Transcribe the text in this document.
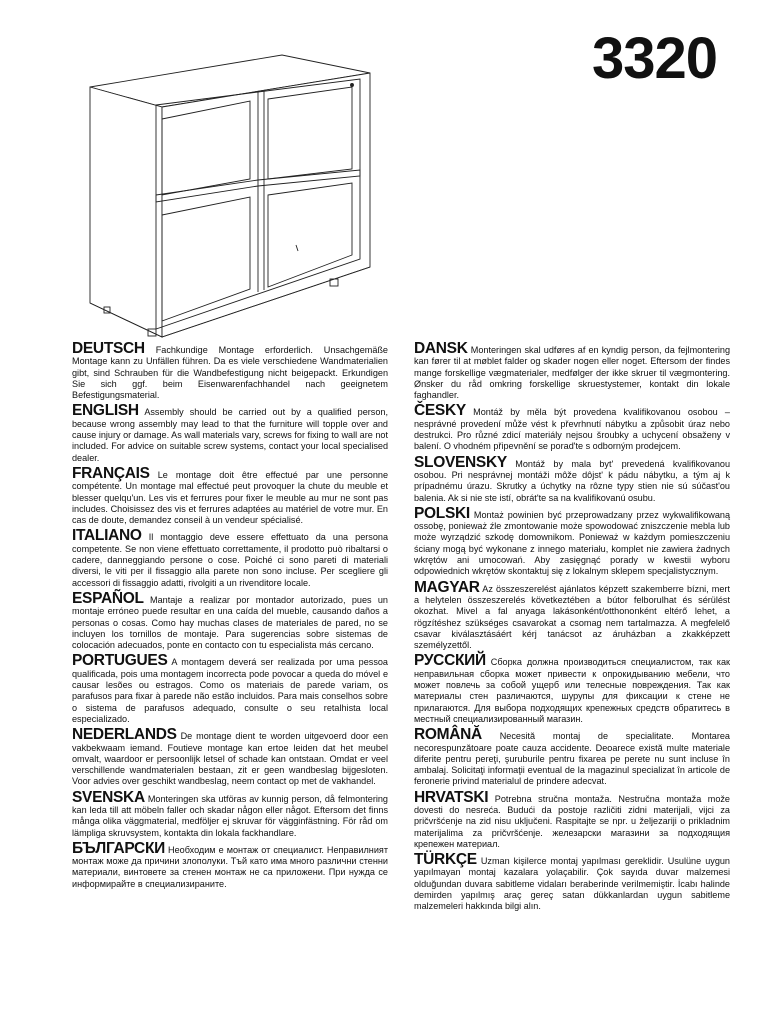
3320

DEUTSCH Fachkundige Montage erforderlich. Unsachgemäße Montage kann zu Unfällen führen. Da es viele verschiedene Wandmaterialien gibt, sind Schrauben für die Wandbefestigung nicht beigepackt. Erkundigen Sie sich ggf. beim Eisenwarenfachhandel nach geeignetem Befestigungsmaterial.

ENGLISH Assembly should be carried out by a qualified person, because wrong assembly may lead to that the furniture will topple over and cause injury or damage. As wall materials vary, screws for fixing to wall are not included. For advice on suitable screw systems, contact your local specialised dealer.

FRANÇAIS Le montage doit être effectué par une personne compétente. Un montage mal effectué peut provoquer la chute du meuble et blesser quelqu'un. Les vis et ferrures pour fixer le meuble au mur ne sont pas includes. Choisissez des vis et ferrures adaptées au matériel de votre mur. En cas de doute, demandez conseil à un vendeur spécialisé.

ITALIANO Il montaggio deve essere effettuato da una persona competente. Se non viene effettuato correttamente, il prodotto può ribaltarsi o cadere, danneggiando persone o cose. Poiché ci sono pareti di materiali diversi, le viti per il fissaggio alla parete non sono incluse. Per scegliere gli accessori di fissaggio adatti, rivolgiti a un rivenditore locale.

ESPAÑOL Mantaje a realizar por montador autorizado, pues un montaje erróneo puede resultar en una caída del mueble, causando daños a personas o cosas. Como hay muchas clases de materiales de pared, no se incluyen los tornillos de montaje. Para sugerencias sobre sistemas de colocación adecuados, ponte en contacto con tu especialista más cercano.

PORTUGUES A montagem deverá ser realizada por uma pessoa qualificada, pois uma montagem incorrecta pode povocar a queda do móvel e causar lesões ou estragos. Como os materiais de parede variam, os parafusos para fixar à parede não estão incluidos. Para mais conselhos sobre o sistema de parafusos adequado, consulte o seu retalhista local especializado.

NEDERLANDS De montage dient te worden uitgevoerd door een vakbekwaam iemand. Foutieve montage kan ertoe leiden dat het meubel omvalt, waardoor er persoonlijk letsel of schade kan ontstaan. Omdat er veel verschillende wandmaterialen bestaan, zit er geen wandbeslag bijgesloten. Voor advies over geschikt wandbeslag, neem contact op met de vakhandel.

SVENSKA Monteringen ska utföras av kunnig person, då felmontering kan leda till att möbeln faller och skadar någon eller något. Eftersom det finns många olika väggmaterial, medföljer ej skruvar för vägginfästning. För råd om lämpliga skruvsystem, kontakta din lokala fackhandlare.

БЪЛГАРСКИ Необходим е монтаж от специалист. Неправилният монтаж може да причини злополуки. Тъй като има много различни стенни материали, винтовете за стенен монтаж не са приложени. При нужда се информирайте в специализираните.

DANSK Monteringen skal udføres af en kyndig person, da fejlmontering kan fører til at møblet falder og skader nogen eller noget. Eftersom der findes mange forskellige vægmaterialer, medfølger der ikke skruer til vægmontering. Ønsker du råd omkring forskellige skruestystemer, kontakt din lokale faghandler.

ČESKY Montáž by měla být provedena kvalifikovanou osobou – nesprávné provedení může vést k převrhnutí nábytku a způsobit úraz nebo destrukci. Pro různé zdicí materiály nejsou šroubky a uchycení obsaženy v balení. O vhodném připevnění se porad'te s odborným prodejcem.

SLOVENSKY Montáž by mala byt' prevedená kvalifikovanou osobou. Pri nesprávnej montáži môže dôjst' k pádu nábytku, a tým aj k prípadnému úrazu. Skrutky a úchytky na rôzne typy stien nie sú súčast'ou balenia. Ak si nie ste istí, obrát'te sa na kvalifikovanú osubu.

POLSKI Montaż powinien być przeprowadzany przez wykwalifikowaną ossobę, ponieważ źle zmontowanie może spowodować zniszczenie mebla lub może wyrządzić szkodę domownikom. Ponieważ w każdym pomieszczeniu ściany mogą być wykonane z innego materiału, komplet nie zawiera żadnych wkrętów ani umocowań. Aby zasięgnąć porady w kwestii wyboru odpowiednich wkrętów skontaktuj się z lokalnym sklepem specjalistycznym.

MAGYAR Az összeszerelést ajánlatos képzett szakemberre bízni, mert a helytelen összeszerelés következtében a bútor felborulhat és sérülést okozhat. Mivel a fal anyaga lakásonként/otthononként eltérő lehet, a rögzítéshez szükséges csavarokat a csomag nem tartalmazza. A megfelelő csavar kiválasztásáért kérj tanácsot az áruházban a zkakképzett személyzettől.

РУССКИЙ Сборка должна производиться специалистом, так как неправильная сборка может привести к опрокидыванию мебели, что может повлечь за собой ущерб или телесные повреждения. Так как материалы стен различаются, шурупы для фиксации к стене не прилагаются. Для выбора подходящих крепежных средств обратитесь в местный специализированный магазин.

ROMÂNĂ Necesită montaj de specialitate. Montarea necorespunzătoare poate cauza accidente. Deoarece există multe materiale diferite pentru pereţi, şuruburile pentru fixarea pe perete nu sunt incluse în ambalaj. Solicitaţi informaţii eventual de la magazinul specializat în articole de feronerie privind materialul de prindere adecvat.

HRVATSKI Potrebna stručna montaža. Nestručna montaža može dovesti do nesreća. Budući da postoje različiti zidni materijali, vijci za pričvršćenje na zid nisu uključeni. Raspitajte se npr. u željezariji o prikladnim materijalima za pričvršćenje. железарски магазини за подходящия крепежен материал.

TÜRKÇE Uzman kişilerce montaj yapılması gereklidir. Usulüne uygun yapılmayan montaj kazalara yolaçabilir. Çok sayıda duvar malzemesi olduğundan duvara sabitleme vidaları beraberinde verilmemiştir. İcabı halinde demirden yapılmış araç gereç satan dükkanlardan uygun sabitleme malzemeleri hakkında bilgi alın.
